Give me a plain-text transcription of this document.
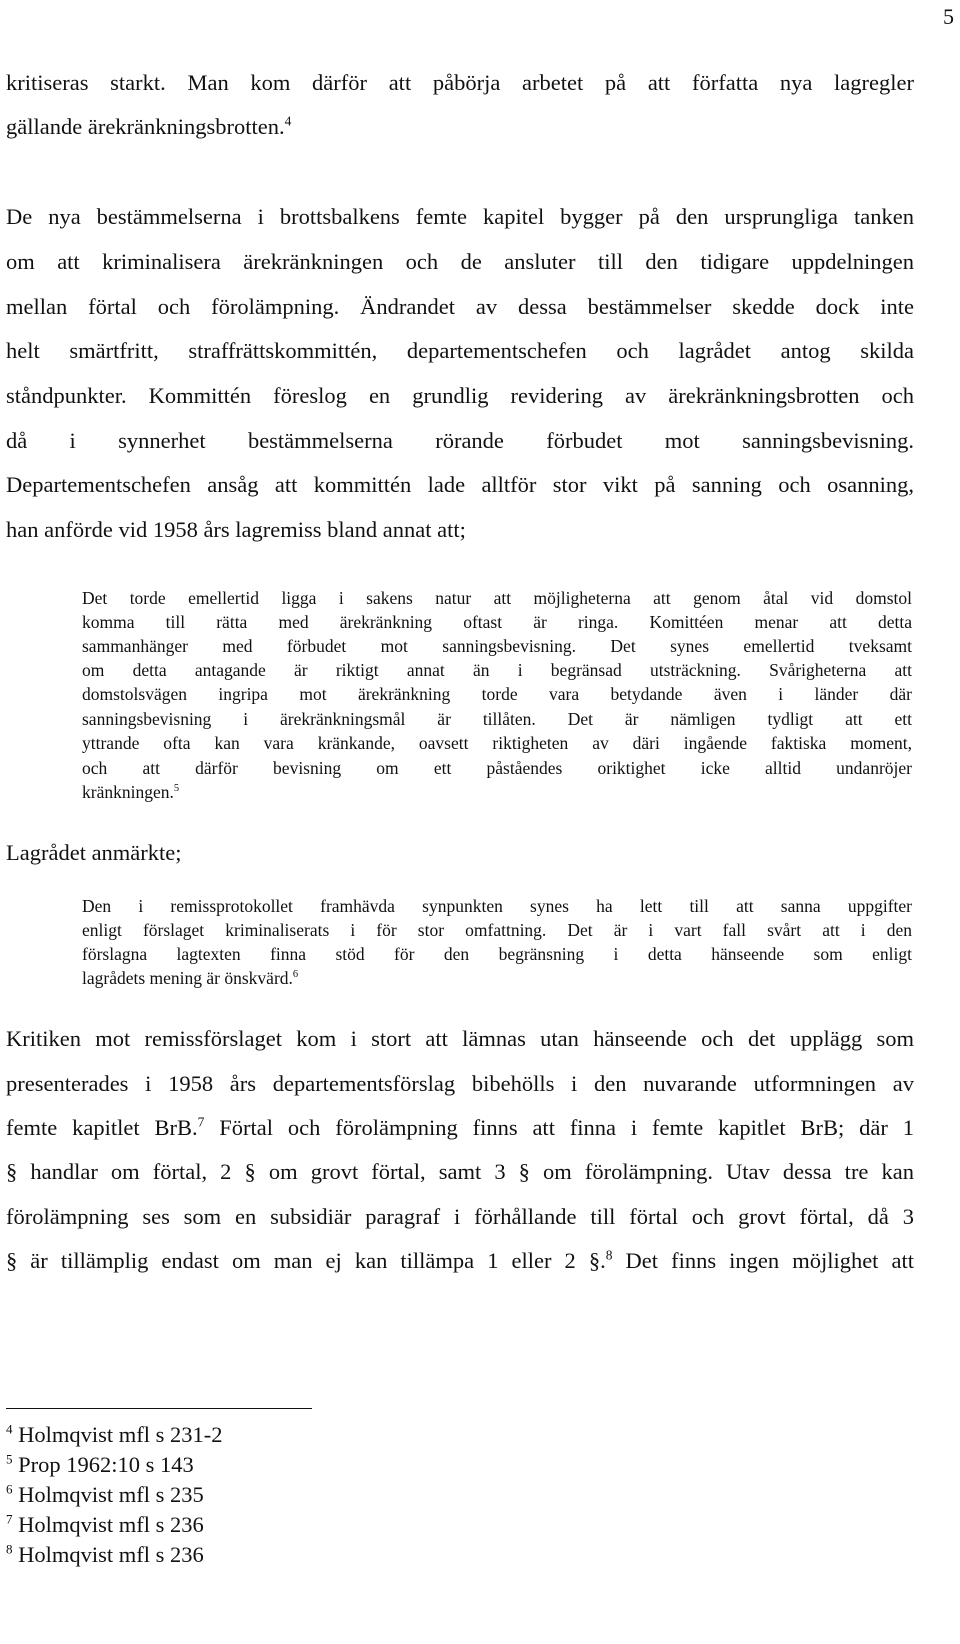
5
kritiseras starkt. Man kom därför att påbörja arbetet på att författa nya lagregler
gällande ärekränkningsbrotten.$^4$
De nya bestämmelserna i brottsbalkens femte kapitel bygger på den ursprungliga tanken
om att kriminalisera ärekränkningen och de ansluter till den tidigare uppdelningen
mellan förtal och förolämpning. Ändrandet av dessa bestämmelser skedde dock inte
helt smärtfritt, straffrättskommittén, departementschefen och lagrådet antog skilda
ståndpunkter. Kommittén föreslog en grundlig revidering av ärekränkningsbrotten och
då i synnerhet bestämmelserna rörande förbudet mot sanningsbevisning.
Departementschefen ansåg att kommittén lade alltför stor vikt på sanning och osanning,
han anförde vid 1958 års lagremiss bland annat att;
Det torde emellertid ligga i sakens natur att möjligheterna att genom åtal vid domstol
komma till rätta med ärekränkning oftast är ringa. Komittéen menar att detta
sammanhänger med förbudet mot sanningsbevisning. Det synes emellertid tveksamt
om detta antagande är riktigt annat än i begränsad utsträckning. Svårigheterna att
domstolsvägen ingripa mot ärekränkning torde vara betydande även i länder där
sanningsbevisning i ärekränkningsmål är tillåten. Det är nämligen tydligt att ett
yttrande ofta kan vara kränkande, oavsett riktigheten av däri ingående faktiska moment,
och att därför bevisning om ett påståendes oriktighet icke alltid undanröjer
kränkningen.$^5$
Lagrådet anmärkte;
Den i remissprotokollet framhävda synpunkten synes ha lett till att sanna uppgifter
enligt förslaget kriminaliserats i för stor omfattning. Det är i vart fall svårt att i den
förslagna lagtexten finna stöd för den begränsning i detta hänseende som enligt
lagrådets mening är önskvärd.$^6$
Kritiken mot remissförslaget kom i stort att lämnas utan hänseende och det upplägg som
presenterades i 1958 års departementsförslag bibehölls i den nuvarande utformningen av
femte kapitlet BrB.$^7$ Förtal och förolämpning finns att finna i femte kapitlet BrB; där 1
§ handlar om förtal, 2 § om grovt förtal, samt 3 § om förolämpning. Utav dessa tre kan
förolämpning ses som en subsidiär paragraf i förhållande till förtal och grovt förtal, då 3
§ är tillämplig endast om man ej kan tillämpa 1 eller 2 §.$^8$ Det finns ingen möjlighet att
$^4$ Holmqvist mfl s 231-2
$^5$ Prop 1962:10 s 143
$^6$ Holmqvist mfl s 235
$^7$ Holmqvist mfl s 236
$^8$ Holmqvist mfl s 236
